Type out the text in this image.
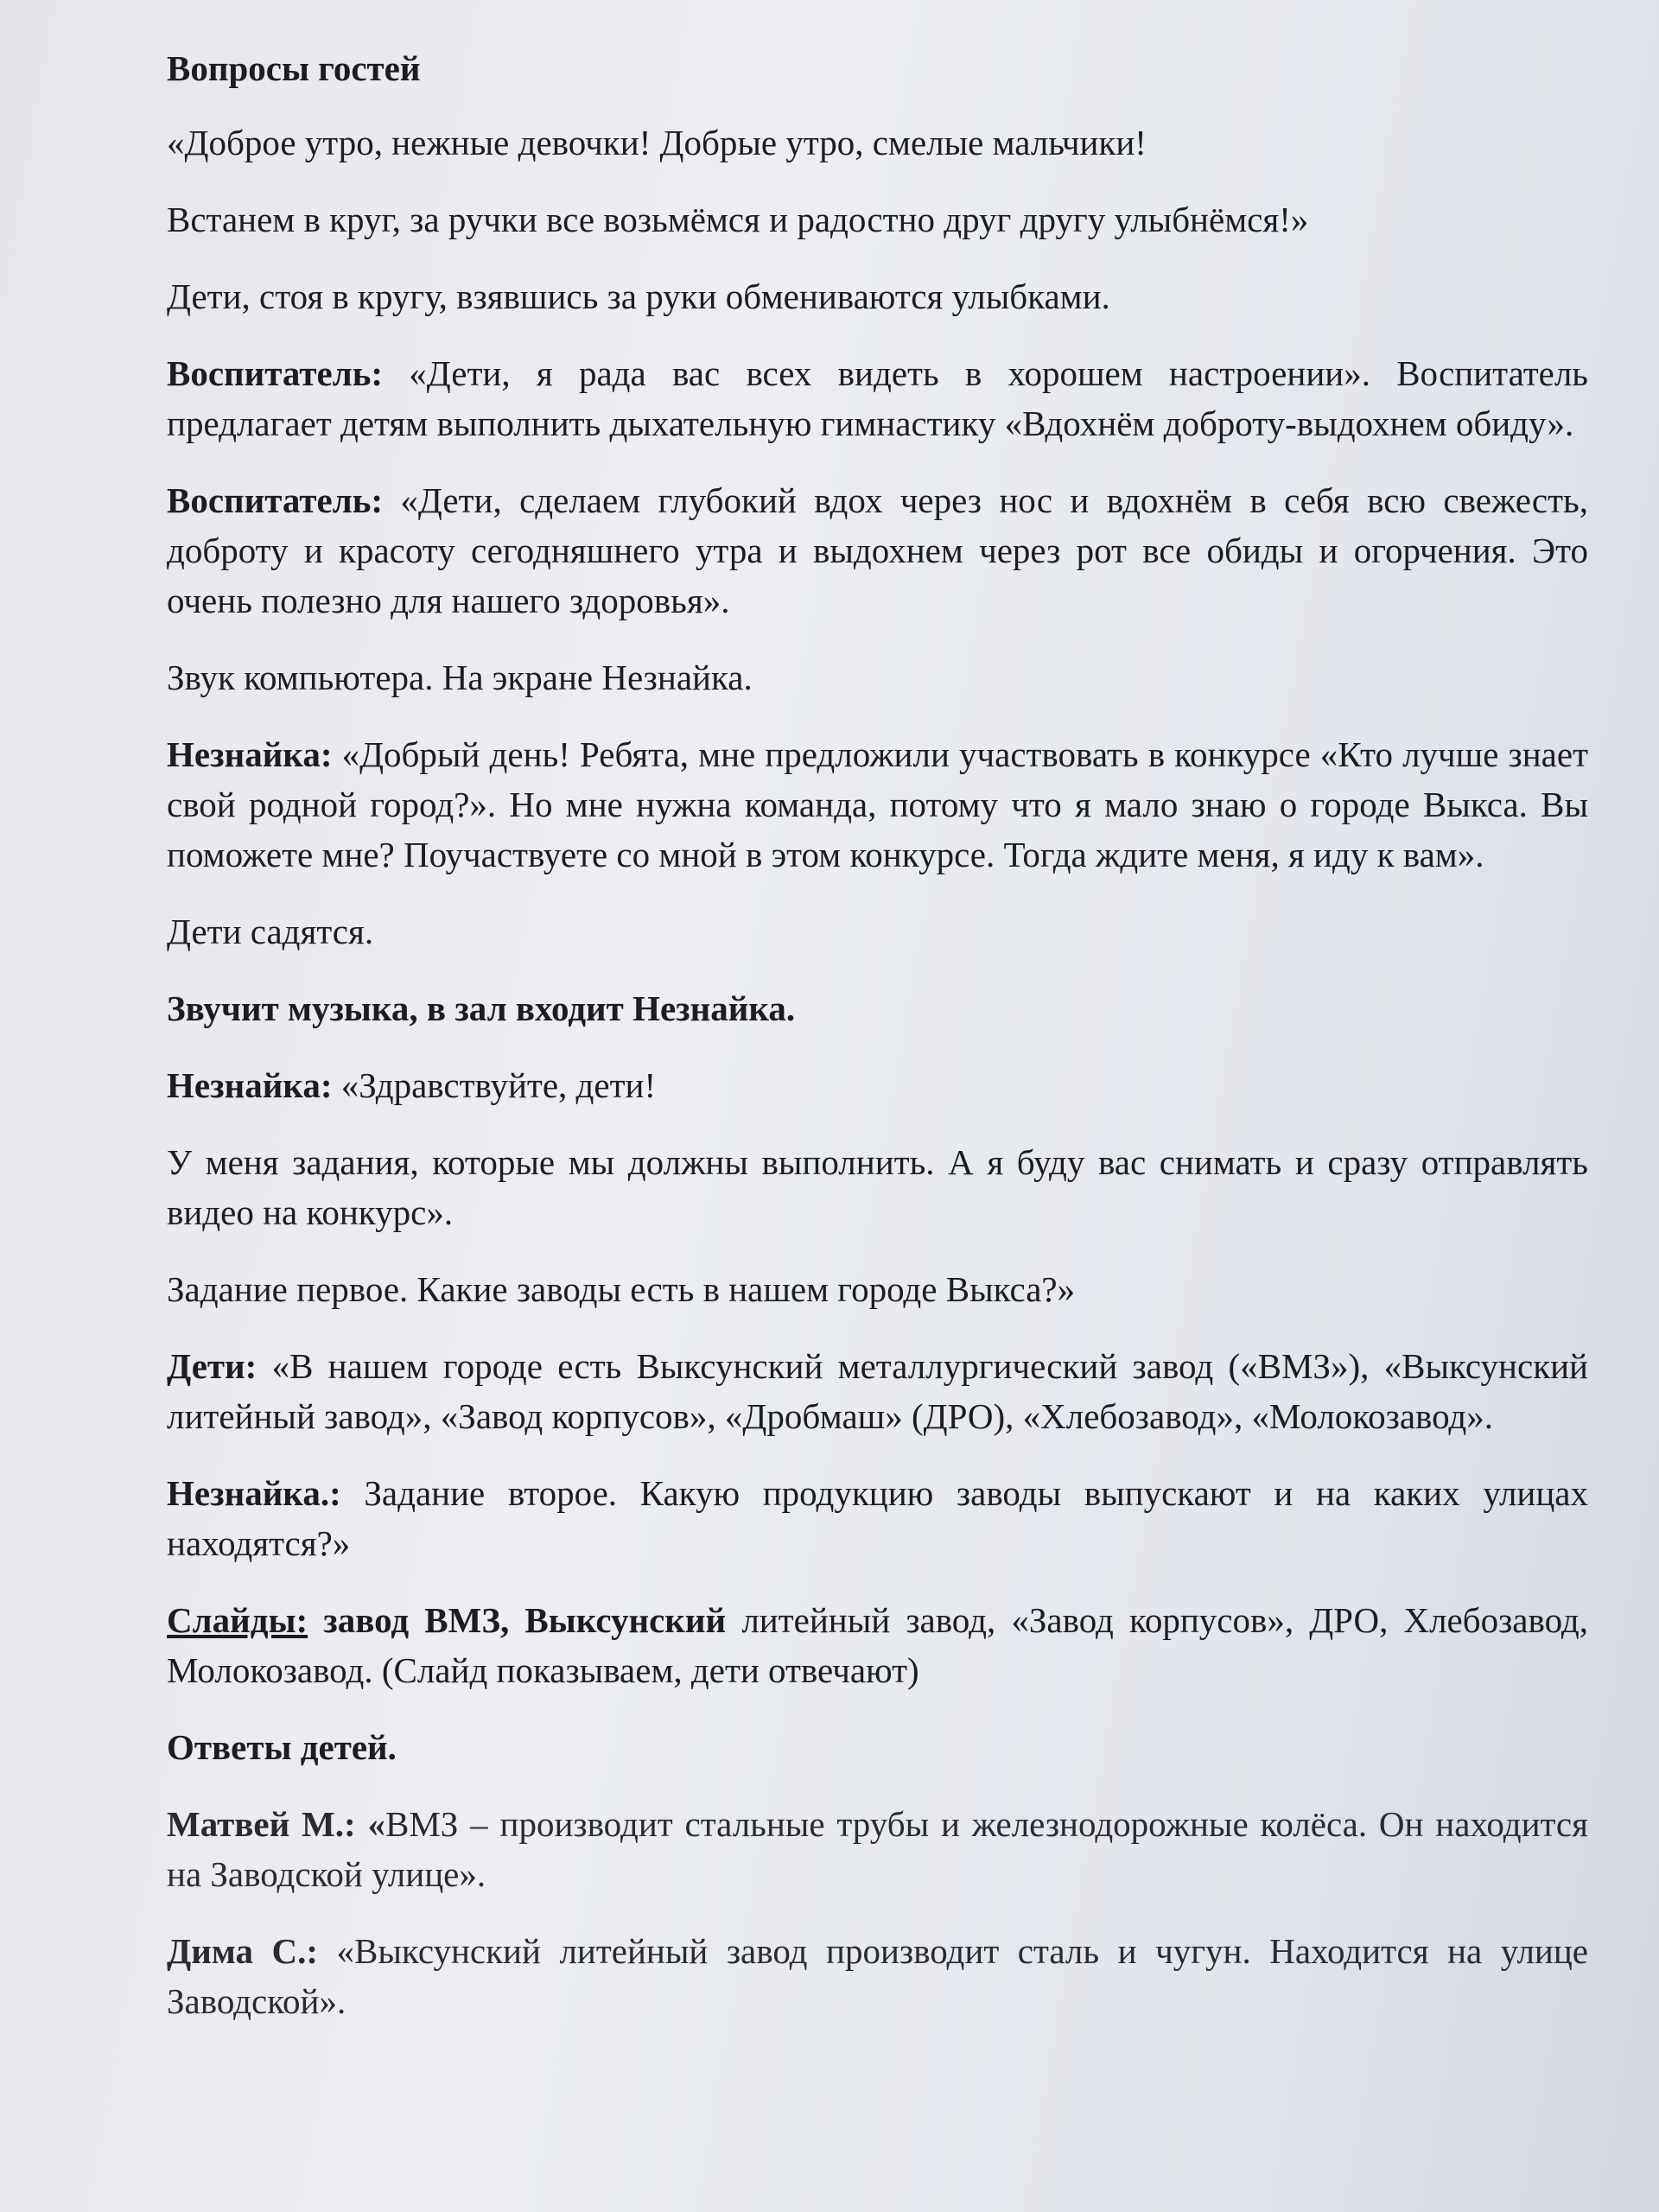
Вопросы гостей

«Доброе утро, нежные девочки! Добрые утро, смелые мальчики!

Встанем в круг, за ручки все возьмёмся и радостно друг другу улыбнёмся!»

Дети, стоя в кругу, взявшись за руки обмениваются улыбками.

Воспитатель: «Дети, я рада вас всех видеть в хорошем настроении». Воспитатель предлагает детям выполнить дыхательную гимнастику «Вдохнём доброту-выдохнем обиду».

Воспитатель: «Дети, сделаем глубокий вдох через нос и вдохнём в себя всю свежесть, доброту и красоту сегодняшнего утра и выдохнем через рот все обиды и огорчения. Это очень полезно для нашего здоровья».

Звук компьютера. На экране Незнайка.

Незнайка: «Добрый день! Ребята, мне предложили участвовать в конкурсе «Кто лучше знает свой родной город?». Но мне нужна команда, потому что я мало знаю о городе Выкса. Вы поможете мне? Поучаствуете со мной в этом конкурсе. Тогда ждите меня, я иду к вам».

Дети садятся.

Звучит музыка, в зал входит Незнайка.

Незнайка: «Здравствуйте, дети!

У меня задания, которые мы должны выполнить. А я буду вас снимать и сразу отправлять видео на конкурс».

Задание первое. Какие заводы есть в нашем городе Выкса?»

Дети: «В нашем городе есть Выксунский металлургический завод («ВМЗ»), «Выксунский литейный завод», «Завод корпусов», «Дробмаш» (ДРО), «Хлебозавод», «Молокозавод».

Незнайка.: Задание второе. Какую продукцию заводы выпускают и на каких улицах находятся?»

Слайды: завод ВМЗ, Выксунский литейный завод, «Завод корпусов», ДРО, Хлебозавод, Молокозавод. (Слайд показываем, дети отвечают)

Ответы детей.

Матвей М.: «ВМЗ – производит стальные трубы и железнодорожные колёса. Он находится на Заводской улице».

Дима С.: «Выксунский литейный завод производит сталь и чугун. Находится на улице Заводской».
